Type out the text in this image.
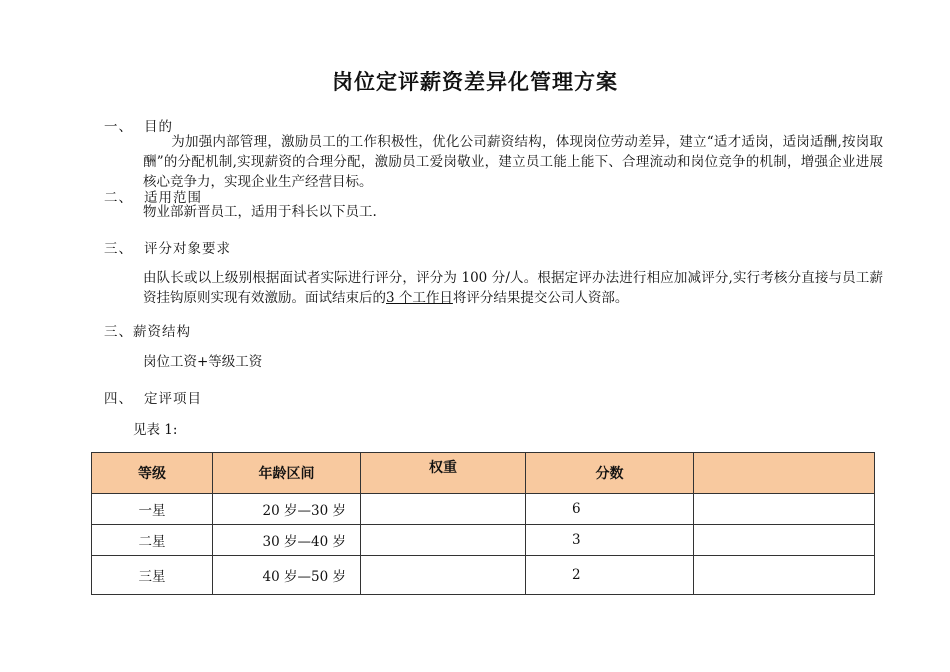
岗位定评薪资差异化管理方案
一、 目的
为加强内部管理，激励员工的工作积极性，优化公司薪资结构，体现岗位劳动差异，建立“适才适岗，适岗适酬,按岗取酬”的分配机制,实现薪资的合理分配，激励员工爱岗敬业，建立员工能上能下、合理流动和岗位竞争的机制，增强企业进展核心竞争力，实现企业生产经营目标。
二、 适用范围
物业部新晋员工，适用于科长以下员工.
三、 评分对象要求
由队长或以上级别根据面试者实际进行评分，评分为 100 分/人。根据定评办法进行相应加减评分,实行考核分直接与员工薪资挂钩原则实现有效激励。面试结束后的3 个工作日将评分结果提交公司人资部。
三、薪资结构
岗位工资+等级工资
四、 定评项目
见表 1:
等级	年龄区间	权重	分数	
一星	20 岁—30 岁		6	
二星	30 岁—40 岁		3	
三星	40 岁—50 岁		2	
